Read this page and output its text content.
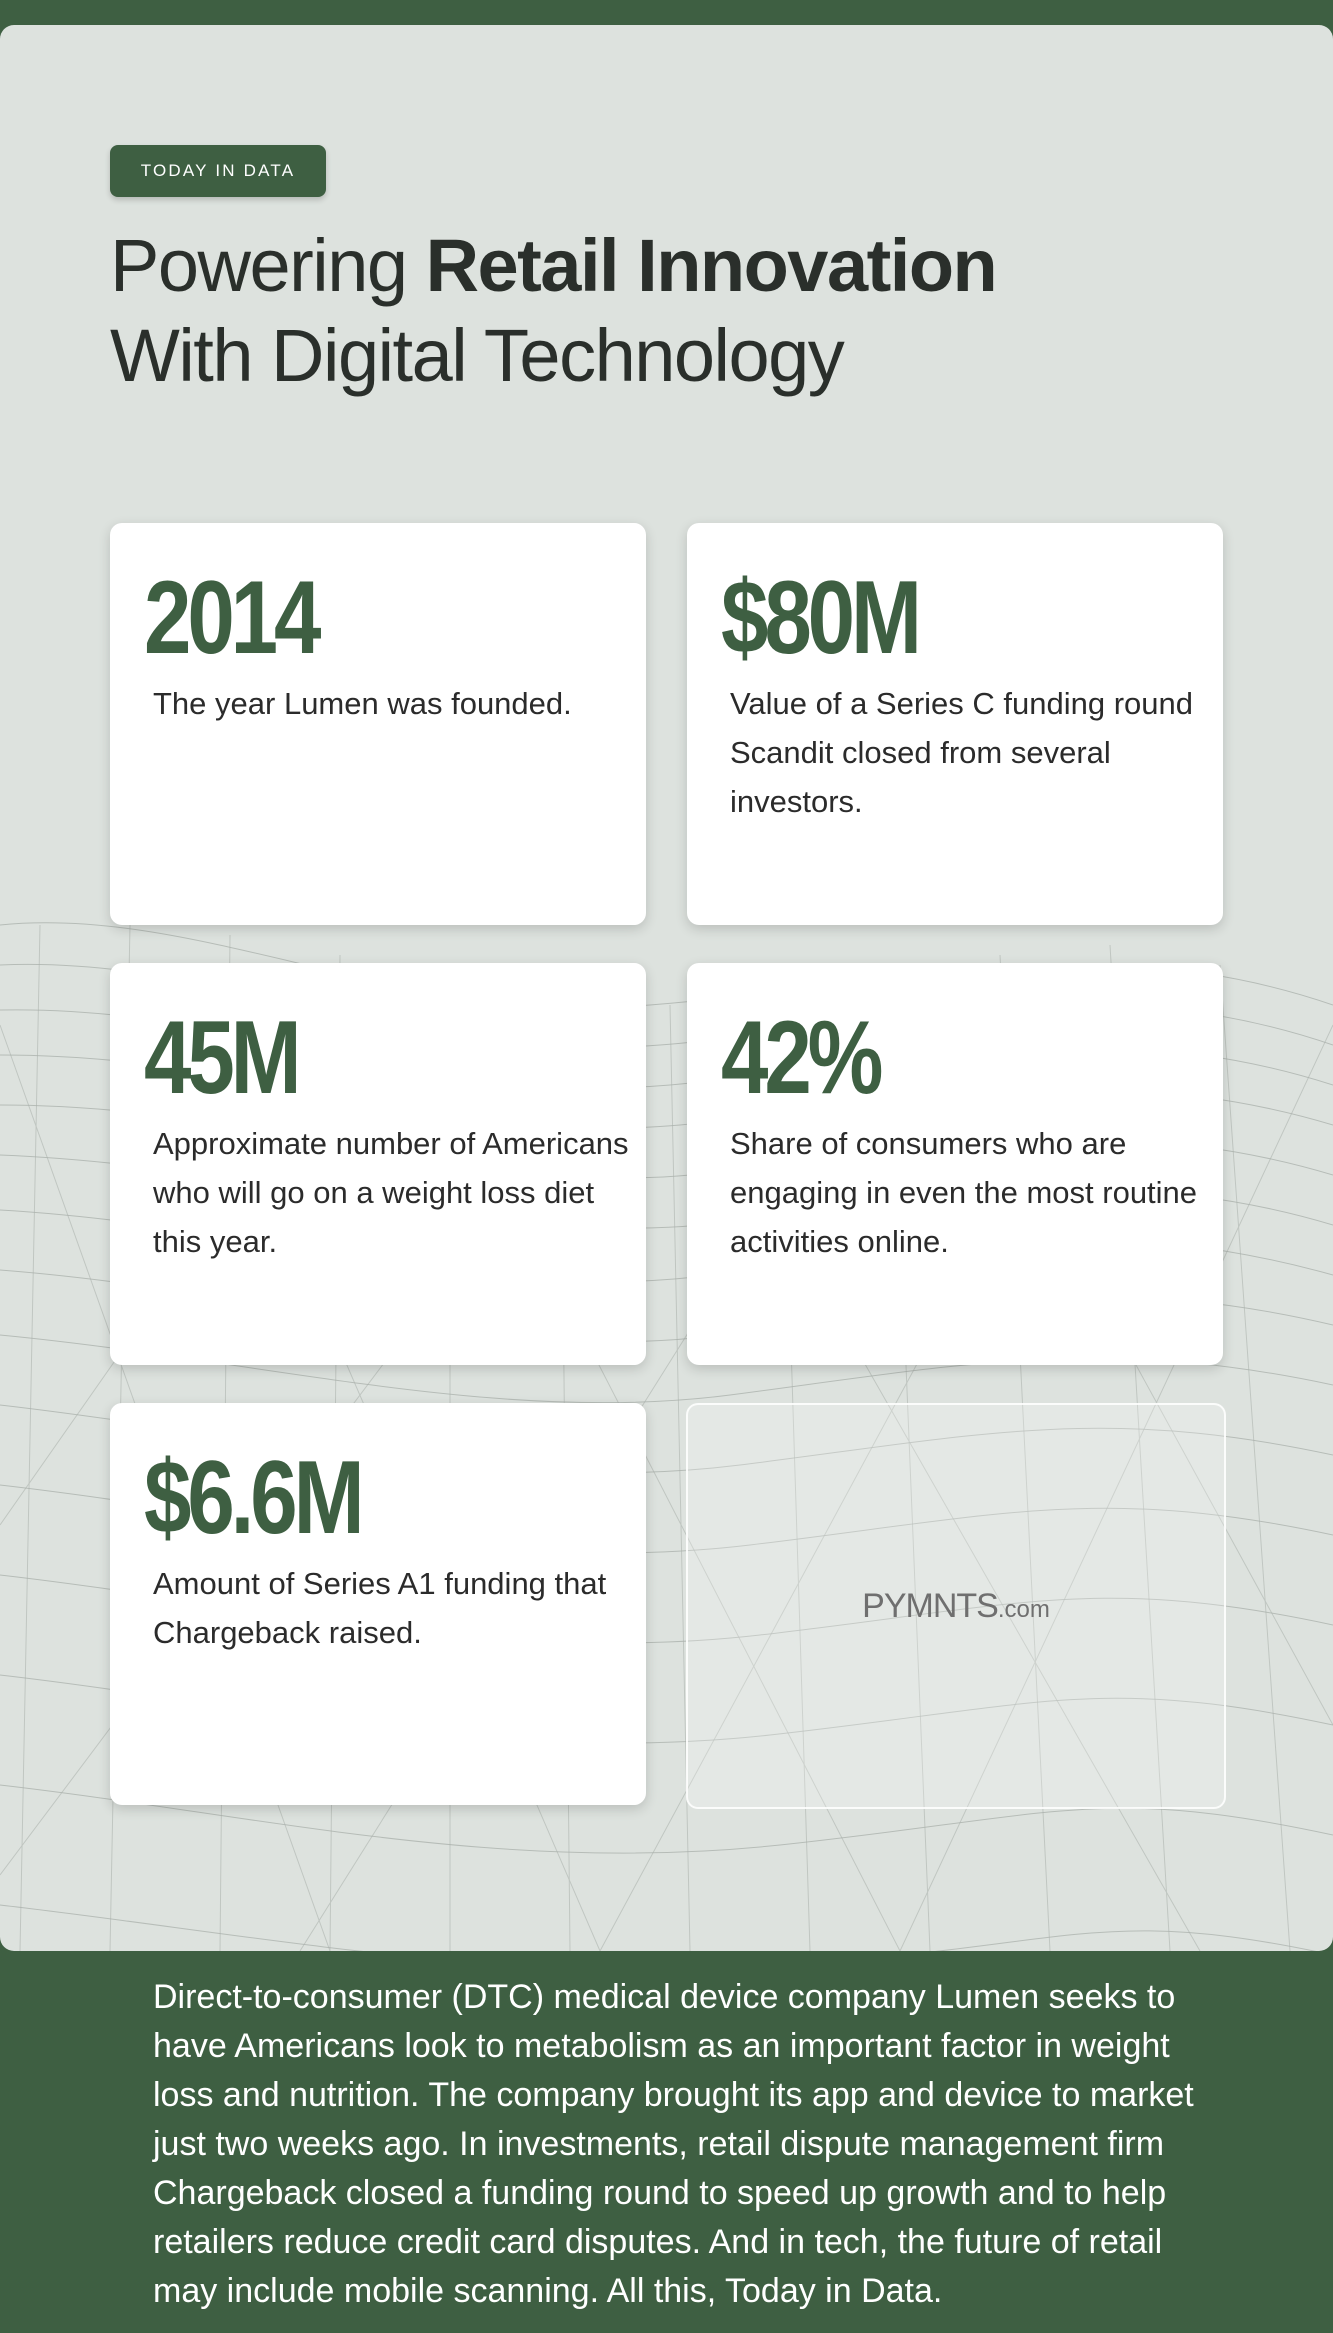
TODAY IN DATA
Powering Retail Innovation
With Digital Technology
2014
The year Lumen was founded.
$80M
Value of a Series C funding round Scandit closed from several investors.
45M
Approximate number of Americans who will go on a weight loss diet this year.
42%
Share of consumers who are engaging in even the most routine activities online.
$6.6M
Amount of Series A1 funding that Chargeback raised.
PYMNTS.com
Direct-to-consumer (DTC) medical device company Lumen seeks to have Americans look to metabolism as an important factor in weight loss and nutrition. The company brought its app and device to market just two weeks ago. In investments, retail dispute management firm Chargeback closed a funding round to speed up growth and to help retailers reduce credit card disputes. And in tech, the future of retail may include mobile scanning. All this, Today in Data.
